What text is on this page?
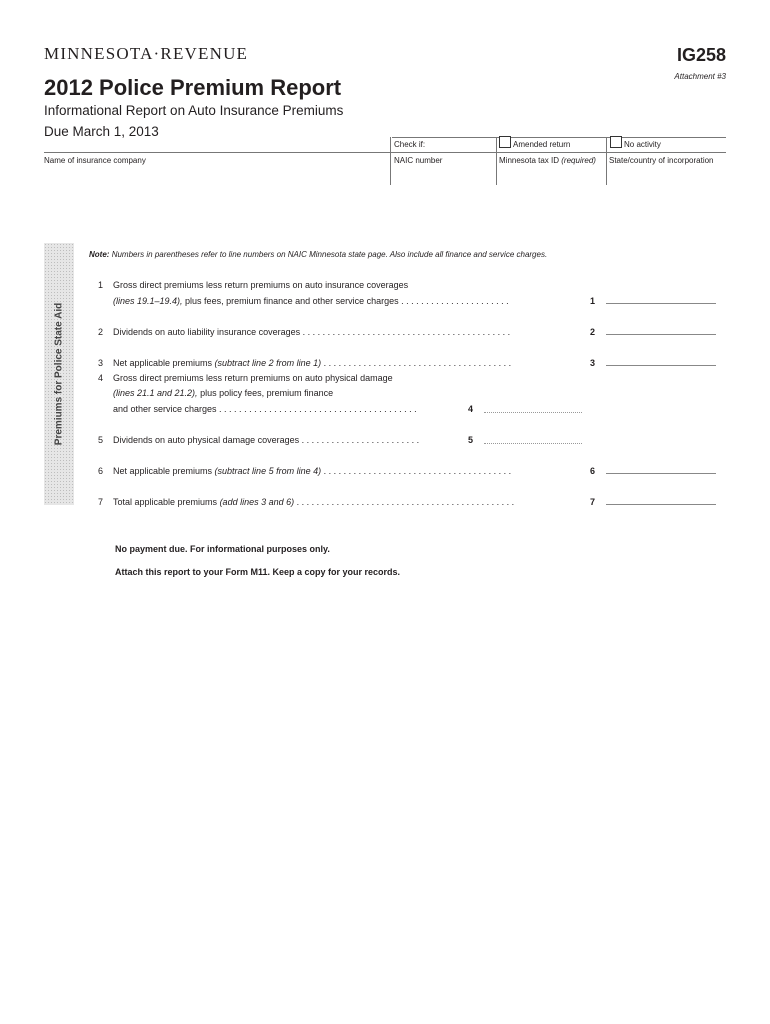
MINNESOTA·REVENUE	IG258
Attachment #3
2012 Police Premium Report
Informational Report on Auto Insurance Premiums
Due March 1, 2013
Check if:	Amended return	No activity
Name of insurance company	NAIC number	Minnesota tax ID (required) State/country of incorporation
Premiums for Police State Aid
Note: Numbers in parentheses refer to line numbers on NAIC Minnesota state page. Also include all finance and service charges.
1 Gross direct premiums less return premiums on auto insurance coverages
(lines 19.1–19.4), plus fees, premium finance and other service charges . . . . . . . . . . . . . . . . . . . . . .	1
2 Dividends on auto liability insurance coverages . . . . . . . . . . . . . . . . . . . . . . . . . . . . . . . . . . . . . . . . . .	2
3 Net applicable premiums (subtract line 2 from line 1) . . . . . . . . . . . . . . . . . . . . . . . . . . . . . . . . . . . . . .	3
4 Gross direct premiums less return premiums on auto physical damage
(lines 21.1 and 21.2), plus policy fees, premium finance
and other service charges . . . . . . . . . . . . . . . . . . . . . . . . . . . . . . . . . . . . . . . .	4
5 Dividends on auto physical damage coverages . . . . . . . . . . . . . . . . . . . . . . . .	5
6 Net applicable premiums (subtract line 5 from line 4) . . . . . . . . . . . . . . . . . . . . . . . . . . . . . . . . . . . . . .	6
7 Total applicable premiums (add lines 3 and 6) . . . . . . . . . . . . . . . . . . . . . . . . . . . . . . . . . . . . . . . . . . . .	7
No payment due. For informational purposes only.
Attach this report to your Form M11. Keep a copy for your records.
